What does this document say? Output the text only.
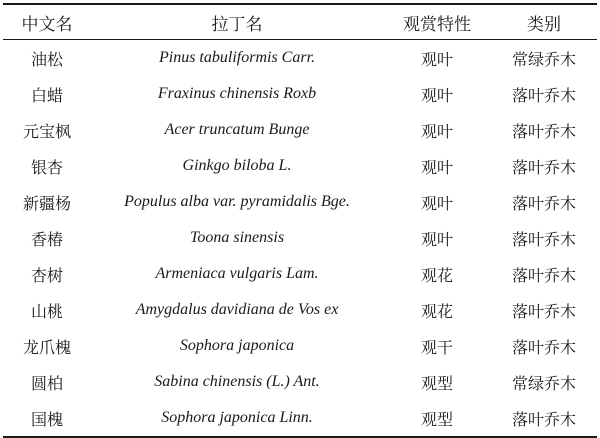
中文名	拉丁名	观赏特性	类别
油松	Pinus tabuliformis Carr.	观叶	常绿乔木
白蜡	Fraxinus chinensis Roxb	观叶	落叶乔木
元宝枫	Acer truncatum Bunge	观叶	落叶乔木
银杏	Ginkgo biloba L.	观叶	落叶乔木
新疆杨	Populus alba var. pyramidalis Bge.	观叶	落叶乔木
香椿	Toona sinensis	观叶	落叶乔木
杏树	Armeniaca vulgaris Lam.	观花	落叶乔木
山桃	Amygdalus davidiana de Vos ex	观花	落叶乔木
龙爪槐	Sophora japonica	观干	落叶乔木
圆柏	Sabina chinensis (L.) Ant.	观型	常绿乔木
国槐	Sophora japonica Linn.	观型	落叶乔木
